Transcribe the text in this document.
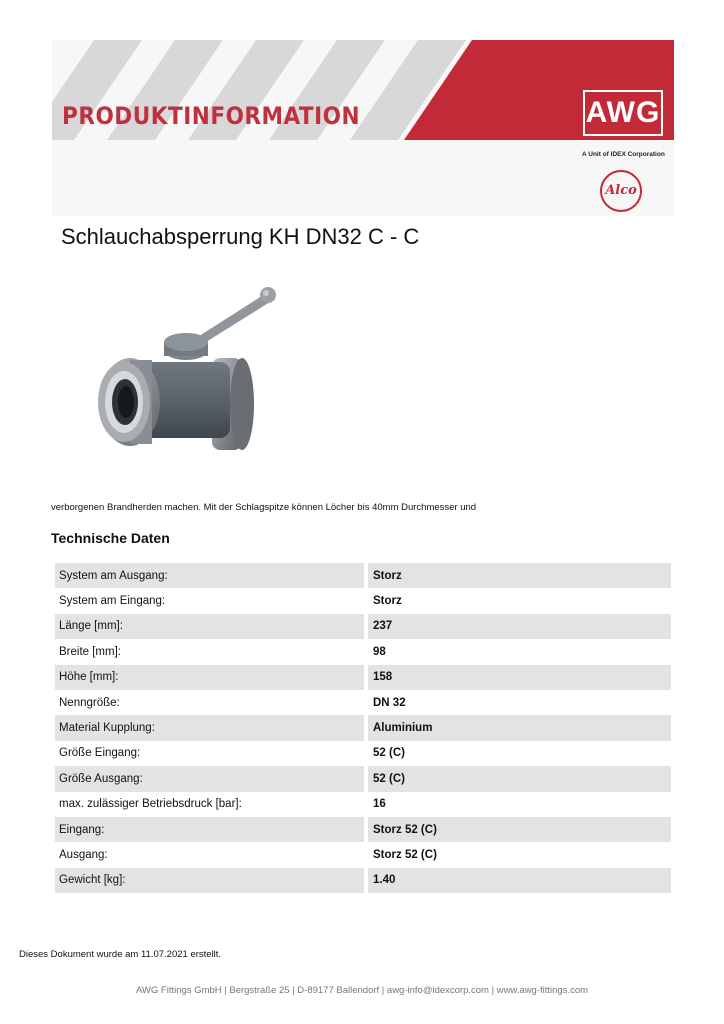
PRODUKTINFORMATION	AWG
A Unit of IDEX Corporation
Alco
Schlauchabsperrung KH DN32 C - C
verborgenen Brandherden machen. Mit der Schlagspitze können Löcher bis 40mm Durchmesser und
Technische Daten
System am Ausgang:		Storz
System am Eingang:		Storz
Länge [mm]:		237
Breite [mm]:		98
Höhe [mm]:		158
Nenngröße:		DN 32
Material Kupplung:		Aluminium
Größe Eingang:		52 (C)
Größe Ausgang:		52 (C)
max. zulässiger Betriebsdruck [bar]:		16
Eingang:		Storz 52 (C)
Ausgang:		Storz 52 (C)
Gewicht [kg]:		1.40
Dieses Dokument wurde am 11.07.2021 erstellt.
AWG Fittings GmbH | Bergstraße 25 | D-89177 Ballendorf | awg-info@idexcorp.com | www.awg-fittings.com
